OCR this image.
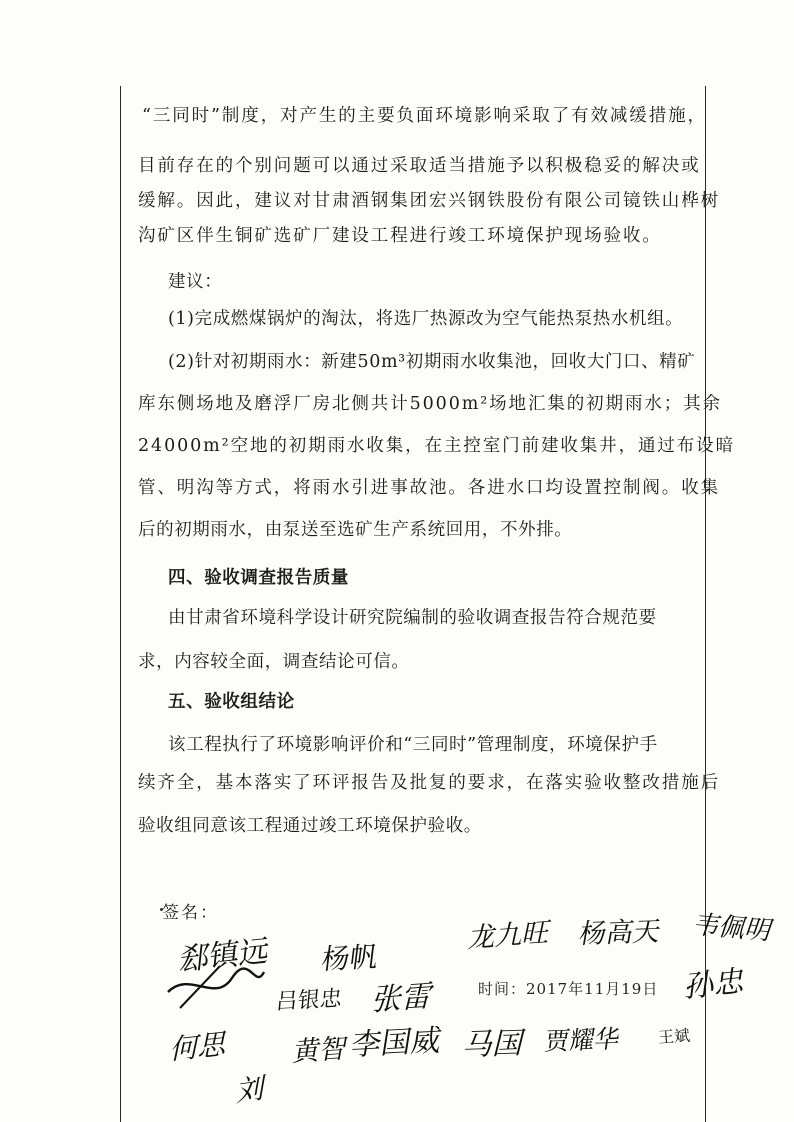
“三同时”制度，对产生的主要负面环境影响采取了有效减缓措施，
目前存在的个别问题可以通过采取适当措施予以积极稳妥的解决或
缓解。因此，建议对甘肃酒钢集团宏兴钢铁股份有限公司镜铁山桦树
沟矿区伴生铜矿选矿厂建设工程进行竣工环境保护现场验收。
建议：
(1)完成燃煤锅炉的淘汰，将选厂热源改为空气能热泵热水机组。
(2)针对初期雨水：新建50m³初期雨水收集池，回收大门口、精矿
库东侧场地及磨浮厂房北侧共计5000m²场地汇集的初期雨水；其余
24000m²空地的初期雨水收集，在主控室门前建收集井，通过布设暗
管、明沟等方式，将雨水引进事故池。各进水口均设置控制阀。收集
后的初期雨水，由泵送至选矿生产系统回用，不外排。
四、验收调查报告质量
由甘肃省环境科学设计研究院编制的验收调查报告符合规范要
求，内容较全面，调查结论可信。
五、验收组结论
该工程执行了环境影响评价和“三同时”管理制度，环境保护手
续齐全，基本落实了环评报告及批复的要求，在落实验收整改措施后
验收组同意该工程通过竣工环境保护验收。
签名：
时间：2017年11月19日
郄镇远 杨帆
龙九旺 杨高天 韦佩明
吕银忠 张雷
黄智
李国威 马国 贾耀华 王斌
何思
孙忠
刘
